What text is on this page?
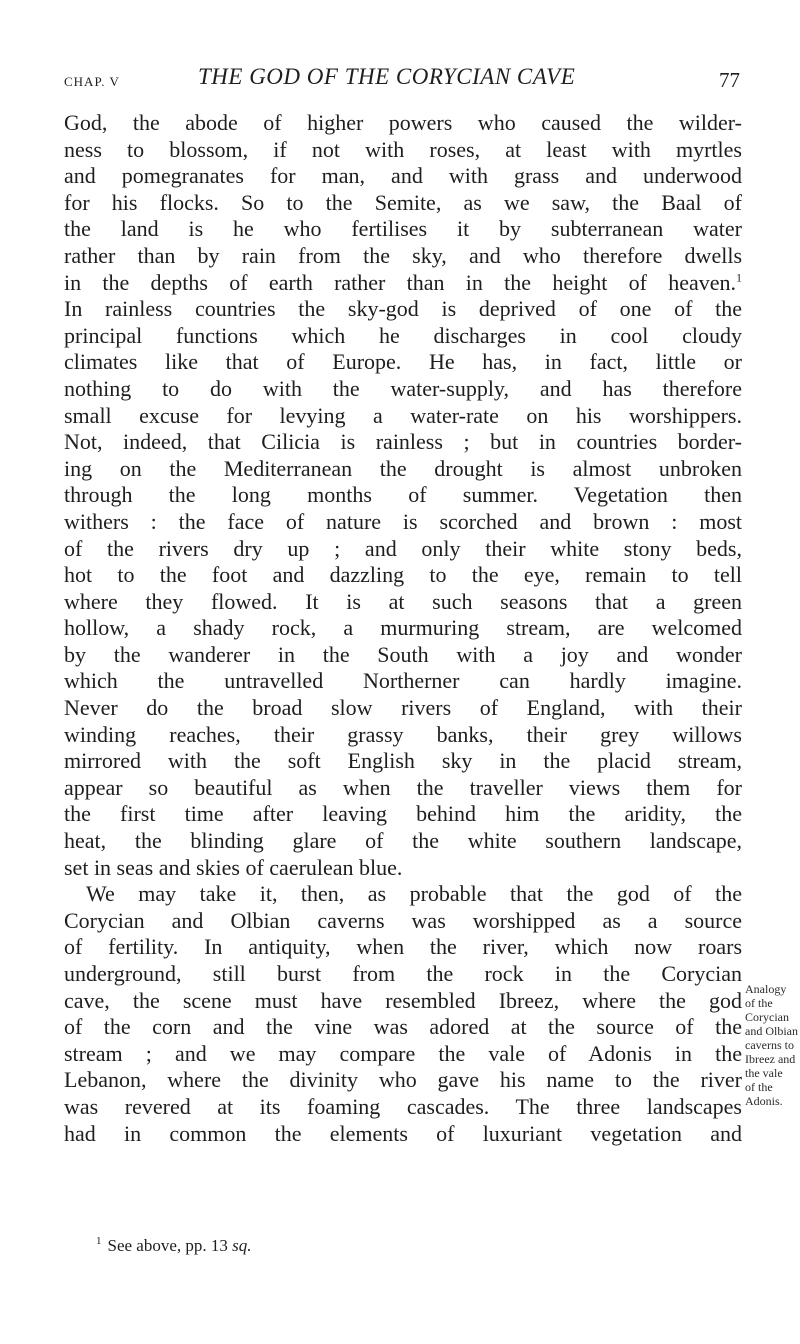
CHAP. V	THE GOD OF THE CORYCIAN CAVE	77
God, the abode of higher powers who caused the wilder-
ness to blossom, if not with roses, at least with myrtles
and pomegranates for man, and with grass and underwood
for his flocks. So to the Semite, as we saw, the Baal of
the land is he who fertilises it by subterranean water
rather than by rain from the sky, and who therefore dwells
in the depths of earth rather than in the height of heaven.$^1$
In rainless countries the sky-god is deprived of one of the
principal functions which he discharges in cool cloudy
climates like that of Europe. He has, in fact, little or
nothing to do with the water-supply, and has therefore
small excuse for levying a water-rate on his worshippers.
Not, indeed, that Cilicia is rainless ; but in countries border-
ing on the Mediterranean the drought is almost unbroken
through the long months of summer. Vegetation then
withers : the face of nature is scorched and brown : most
of the rivers dry up ; and only their white stony beds,
hot to the foot and dazzling to the eye, remain to tell
where they flowed. It is at such seasons that a green
hollow, a shady rock, a murmuring stream, are welcomed
by the wanderer in the South with a joy and wonder
which the untravelled Northerner can hardly imagine.
Never do the broad slow rivers of England, with their
winding reaches, their grassy banks, their grey willows
mirrored with the soft English sky in the placid stream,
appear so beautiful as when the traveller views them for
the first time after leaving behind him the aridity, the
heat, the blinding glare of the white southern landscape,
set in seas and skies of caerulean blue.
We may take it, then, as probable that the god of the
Corycian and Olbian caverns was worshipped as a source
of fertility. In antiquity, when the river, which now roars
underground, still burst from the rock in the Corycian
cave, the scene must have resembled Ibreez, where the god
of the corn and the vine was adored at the source of the
stream ; and we may compare the vale of Adonis in the
Lebanon, where the divinity who gave his name to the river
was revered at its foaming cascades. The three landscapes
had in common the elements of luxuriant vegetation and
Analogy
of the
Corycian
and Olbian
caverns to
Ibreez and
the vale
of the
Adonis.
$^1$ See above, pp. 13 sq.
